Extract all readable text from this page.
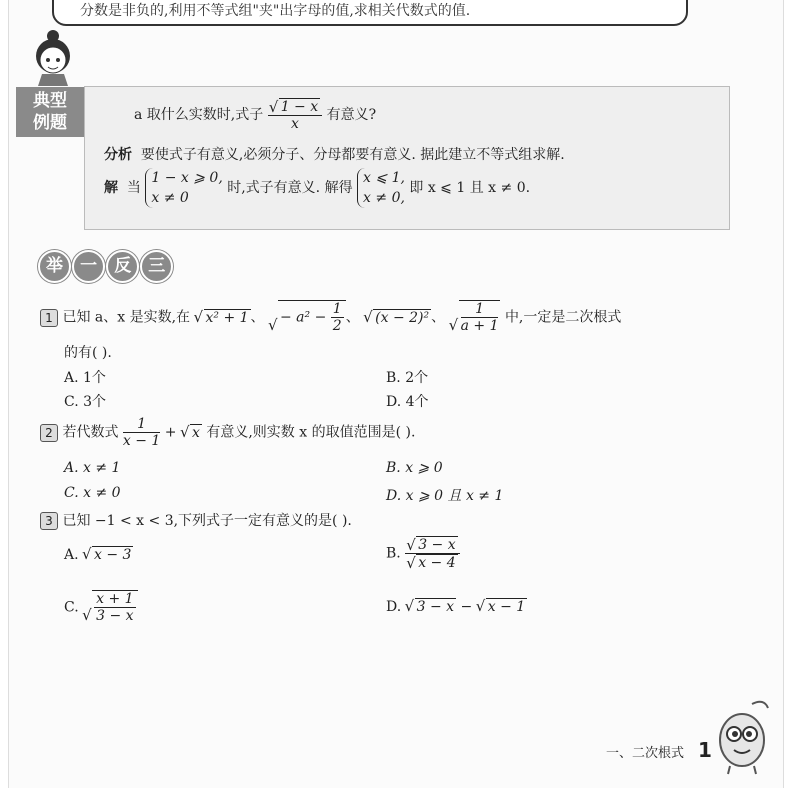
分数是非负的,利用不等式组"夹"出字母的值,求相关代数式的值.
典型
例题	a 取什么实数时,式子 √ $\frac{1 - x}{x}$ 有意义?
分析 要使式子有意义,必须分子、分母都要有意义. 据此建立不等式组求解.
解 当
1 − x ⩾ 0,
x ≠ 0
时,式子有意义. 解得
x ⩽ 1,
x ≠ 0,
即 x ⩽ 1 且 x ≠ 0.
举 一 反 三
1 已知 a、x 是实数,在 √ x² + 1 、 √ − $a^2 - \frac{1}{2}$ 、 √ (x − 2)² 、 √ $\frac{1}{a + 1}$ 中,一定是二次根式
的有( ).
A. 1个	B. 2个
C. 3个	D. 4个
2 若代数式 $\frac{1}{x - 1}$ + √ x 有意义,则实数 x 的取值范围是( ).
A. x ≠ 1	B. x ⩾ 0
C. x ≠ 0	D. x ⩾ 0 且 x ≠ 1
3 已知 −1 < x < 3,下列式子一定有意义的是( ).
A. √ x − 3	B. √ 3 − x
√ x − 4
C. √ $\frac{x + 1}{3 - x}$	D. √ 3 − x − √ x − 1
一、二次根式 1
